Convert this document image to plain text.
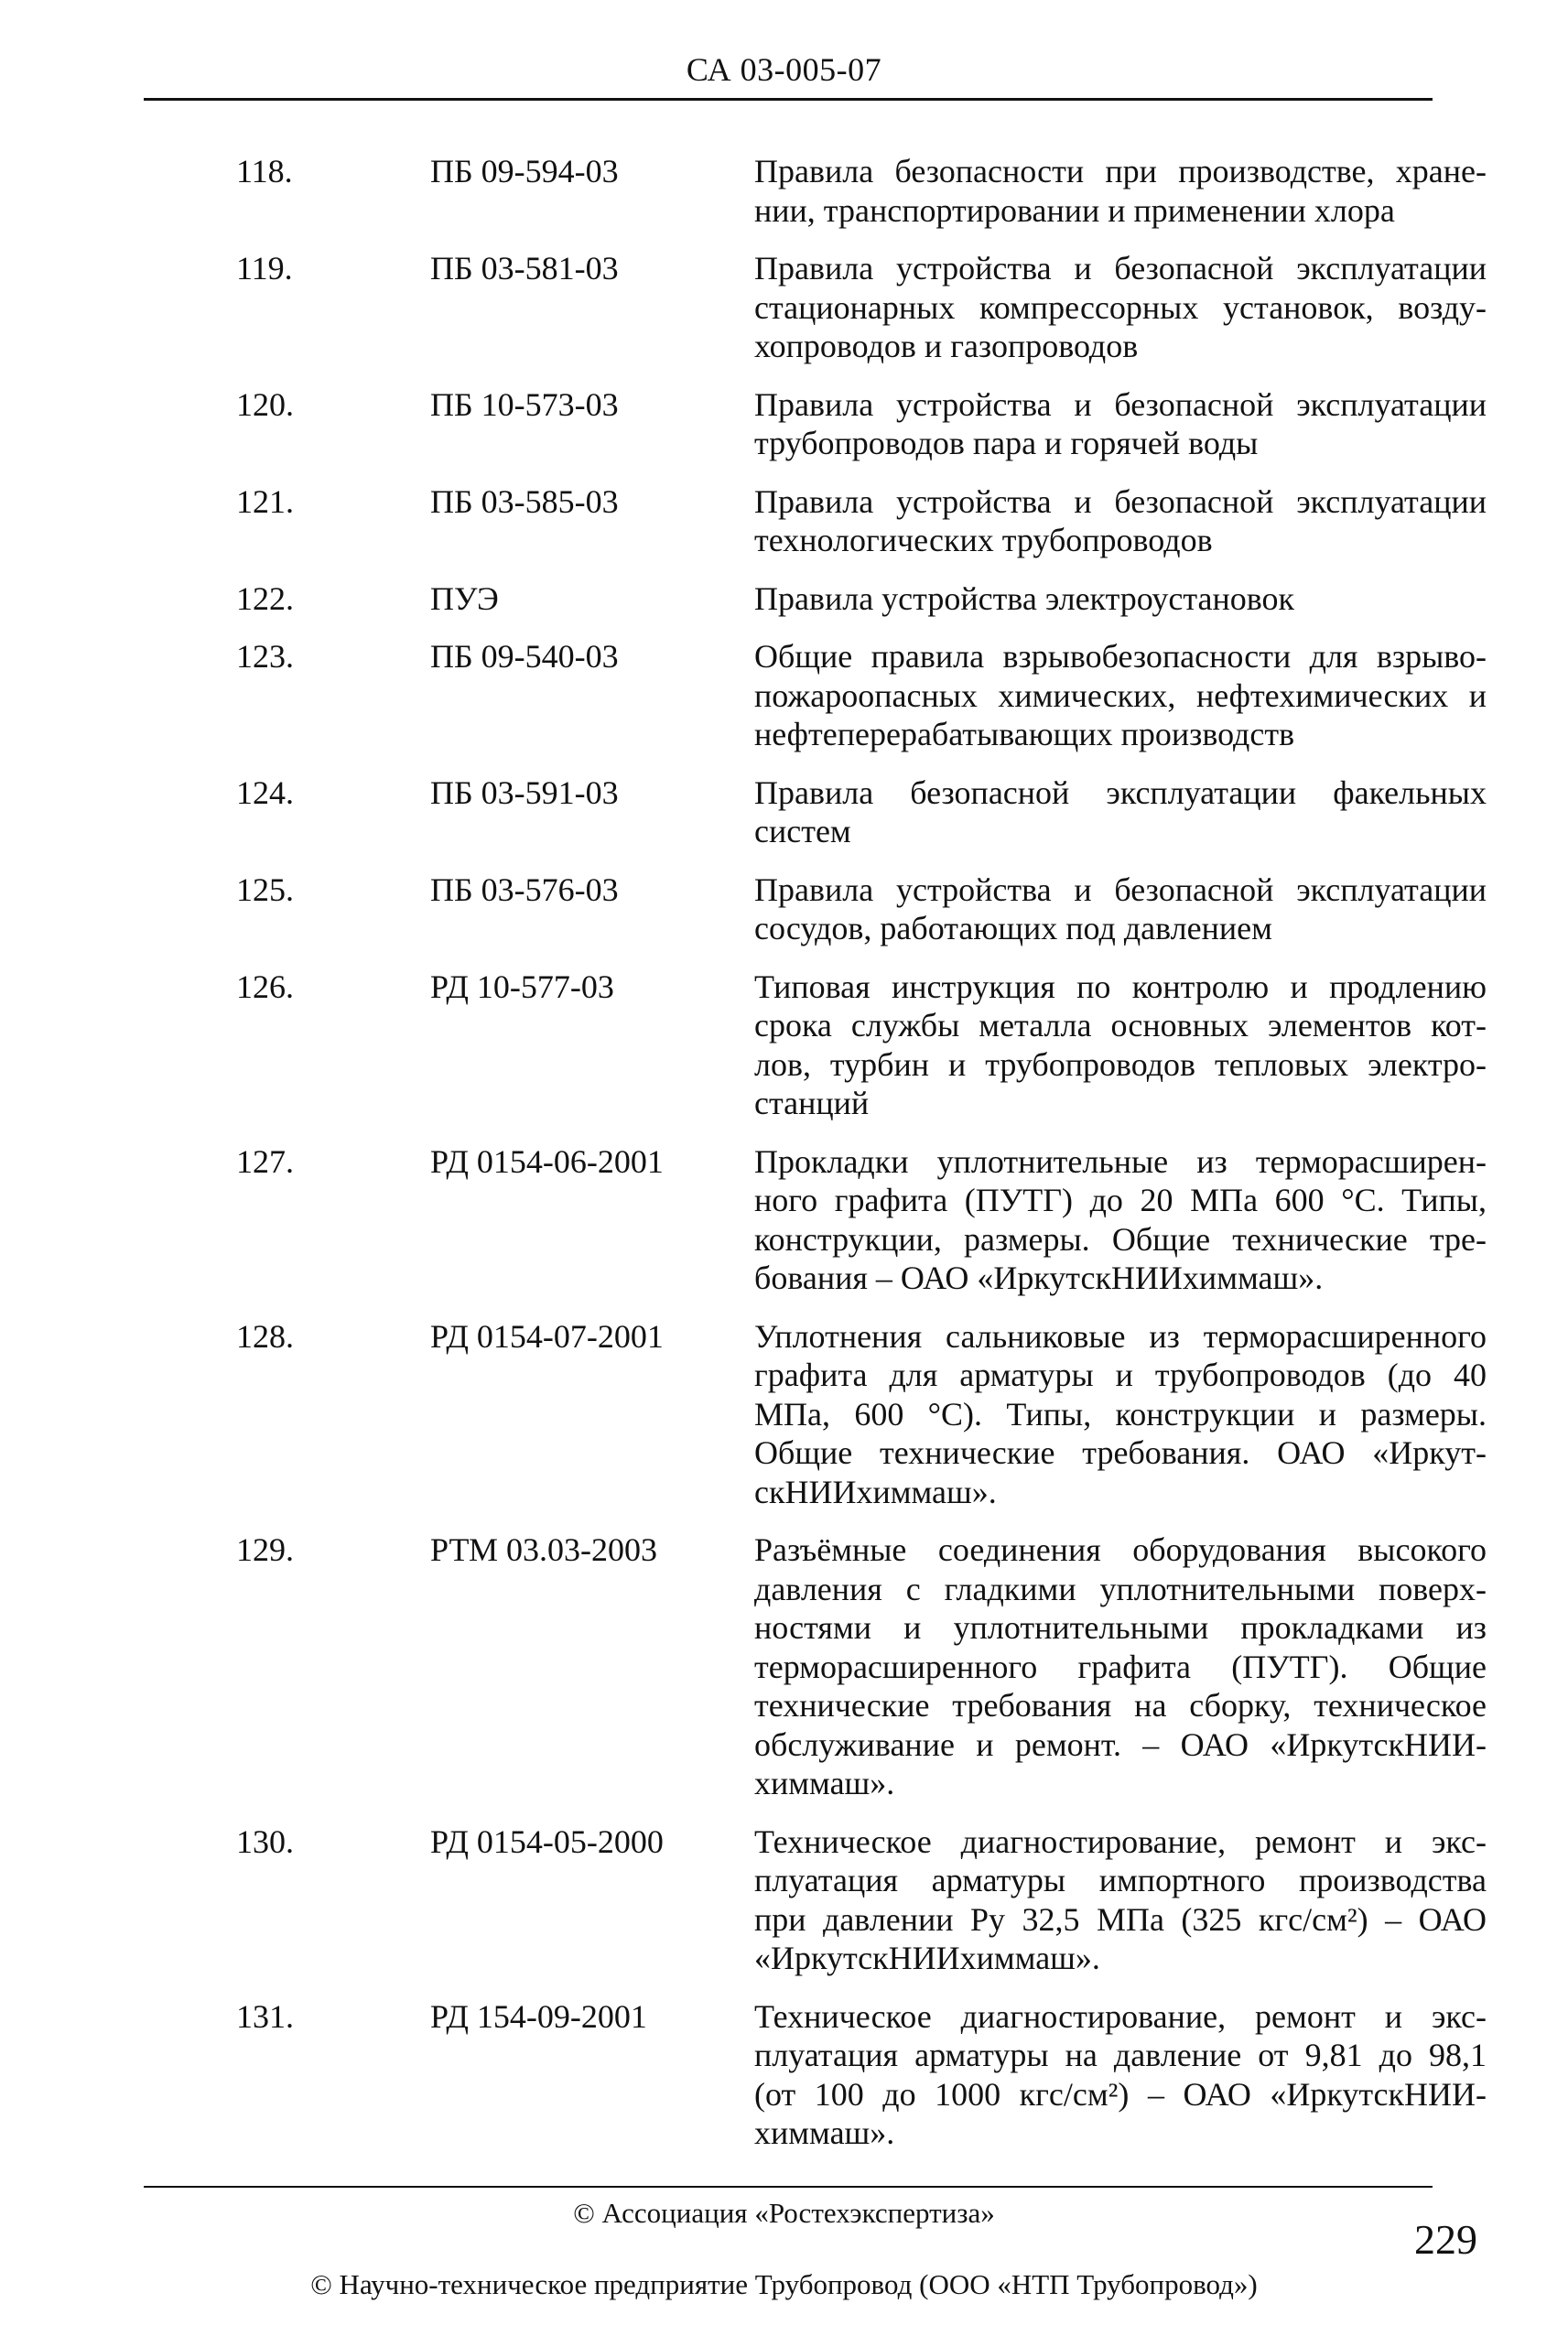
СА 03-005-07
118.	ПБ 09-594-03	Правила безопасности при производстве, хране-
нии, транспортировании и применении хлора
119.	ПБ 03-581-03	Правила устройства и безопасной эксплуатации
стационарных компрессорных установок, возду-
хопроводов и газопроводов
120.	ПБ 10-573-03	Правила устройства и безопасной эксплуатации
трубопроводов пара и горячей воды
121.	ПБ 03-585-03	Правила устройства и безопасной эксплуатации
технологических трубопроводов
122.	ПУЭ	Правила устройства электроустановок
123.	ПБ 09-540-03	Общие правила взрывобезопасности для взрыво-
пожароопасных химических, нефтехимических и
нефтеперерабатывающих производств
124.	ПБ 03-591-03	Правила безопасной эксплуатации факельных
систем
125.	ПБ 03-576-03	Правила устройства и безопасной эксплуатации
сосудов, работающих под давлением
126.	РД 10-577-03	Типовая инструкция по контролю и продлению
срока службы металла основных элементов кот-
лов, турбин и трубопроводов тепловых электро-
станций
127.	РД 0154-06-2001	Прокладки уплотнительные из терморасширен-
ного графита (ПУТГ) до 20 МПа 600 °С. Типы,
конструкции, размеры. Общие технические тре-
бования – ОАО «ИркутскНИИхиммаш».
128.	РД 0154-07-2001	Уплотнения сальниковые из терморасширенного
графита для арматуры и трубопроводов (до 40
МПа, 600 °С). Типы, конструкции и размеры.
Общие технические требования. ОАО «Иркут-
скНИИхиммаш».
129.	РТМ 03.03-2003	Разъёмные соединения оборудования высокого
давления с гладкими уплотнительными поверх-
ностями и уплотнительными прокладками из
терморасширенного графита (ПУТГ). Общие
технические требования на сборку, техническое
обслуживание и ремонт. – ОАО «ИркутскНИИ-
химмаш».
130.	РД 0154-05-2000	Техническое диагностирование, ремонт и экс-
плуатация арматуры импортного производства
при давлении Pу 32,5 МПа (325 кгс/см²) – ОАО
«ИркутскНИИхиммаш».
131.	РД 154-09-2001	Техническое диагностирование, ремонт и экс-
плуатация арматуры на давление от 9,81 до 98,1
(от 100 до 1000 кгс/см²) – ОАО «ИркутскНИИ-
химмаш».
© Ассоциация «Ростехэкспертиза»
© Научно-техническое предприятие Трубопровод (ООО «НТП Трубопровод»)
229
